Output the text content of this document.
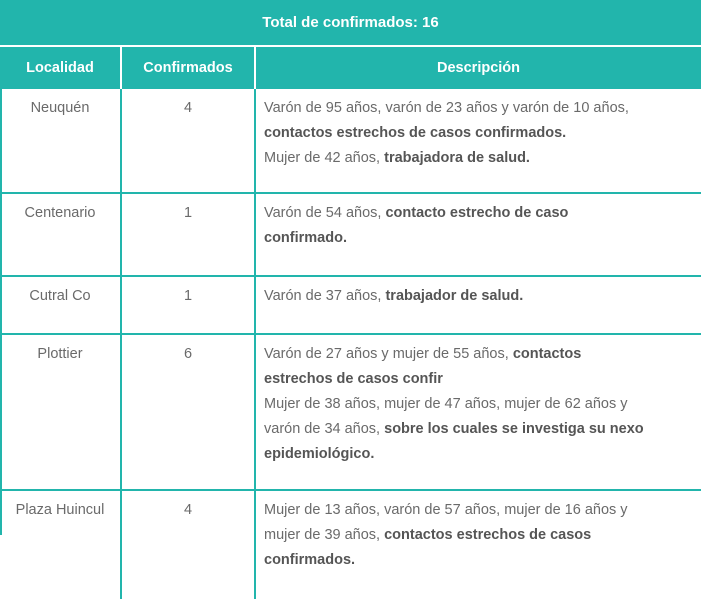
Total de confirmados: 16		
Localidad	Confirmados	Descripción
Neuquén	4	Varón de 95 años, varón de 23 años y varón de 10 años,
contactos estrechos de casos confirmados.
Mujer de 42 años, trabajadora de salud.

Centenario	1	Varón de 54 años, contacto estrecho de caso
confirmado.

Cutral Co	1	Varón de 37 años, trabajador de salud.

Plottier	6	Varón de 27 años y mujer de 55 años, contactos
estrechos de casos confir
Mujer de 38 años, mujer de 47 años, mujer de 62 años y
varón de 34 años, sobre los cuales se investiga su nexo
epidemiológico.

Plaza Huincul	4	Mujer de 13 años, varón de 57 años, mujer de 16 años y
mujer de 39 años, contactos estrechos de casos
confirmados.
